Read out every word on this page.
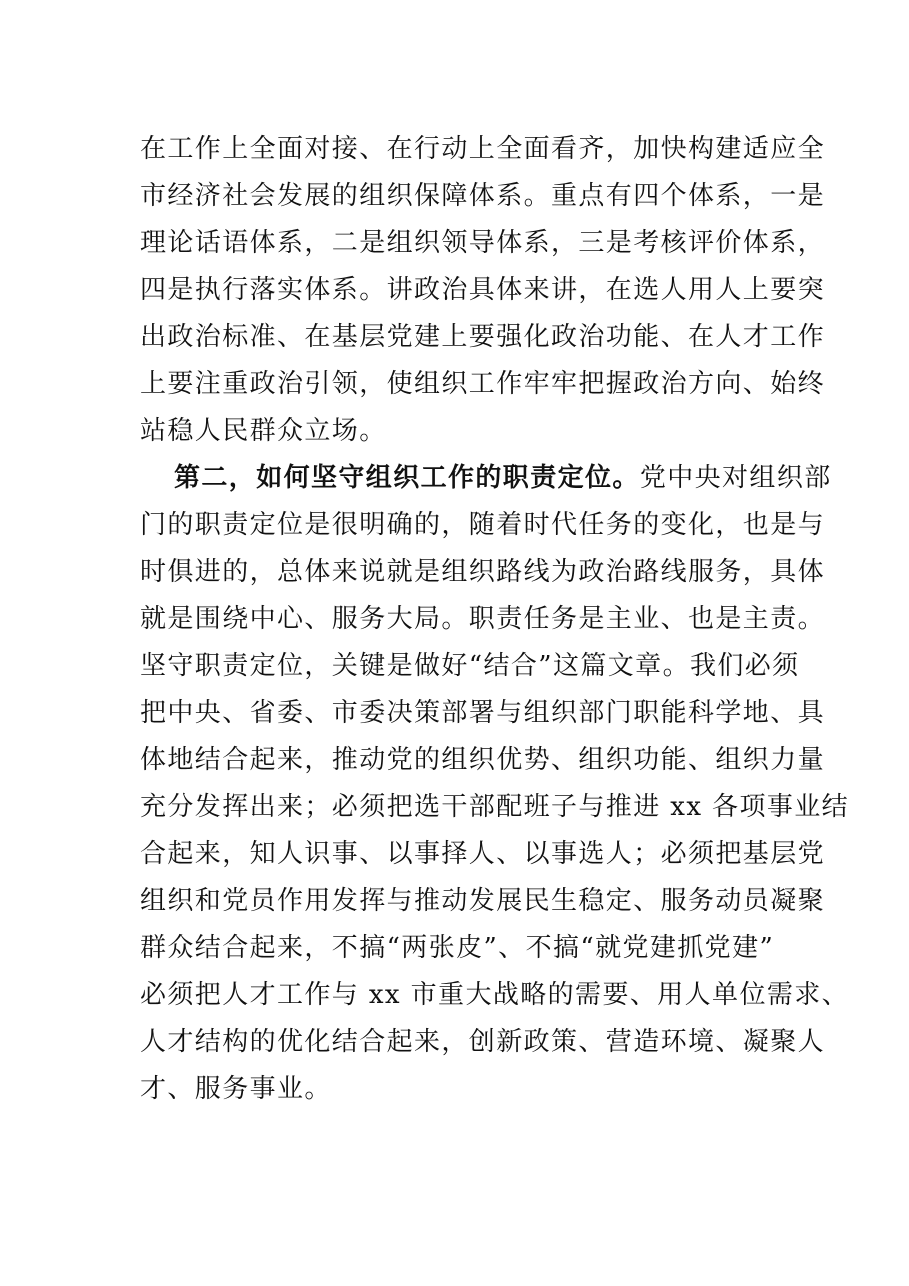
在工作上全面对接、在行动上全面看齐，加快构建适应全
市经济社会发展的组织保障体系。重点有四个体系，一是
理论话语体系，二是组织领导体系，三是考核评价体系，
四是执行落实体系。讲政治具体来讲，在选人用人上要突
出政治标准、在基层党建上要强化政治功能、在人才工作
上要注重政治引领，使组织工作牢牢把握政治方向、始终
站稳人民群众立场。
第二，如何坚守组织工作的职责定位。党中央对组织部
门的职责定位是很明确的，随着时代任务的变化，也是与
时俱进的，总体来说就是组织路线为政治路线服务，具体
就是围绕中心、服务大局。职责任务是主业、也是主责。
坚守职责定位，关键是做好“结合”这篇文章。我们必须
把中央、省委、市委决策部署与组织部门职能科学地、具
体地结合起来，推动党的组织优势、组织功能、组织力量
充分发挥出来；必须把选干部配班子与推进 xx 各项事业结
合起来，知人识事、以事择人、以事选人；必须把基层党
组织和党员作用发挥与推动发展民生稳定、服务动员凝聚
群众结合起来，不搞“两张皮”、不搞“就党建抓党建”
必须把人才工作与 xx 市重大战略的需要、用人单位需求、
人才结构的优化结合起来，创新政策、营造环境、凝聚人
才、服务事业。
